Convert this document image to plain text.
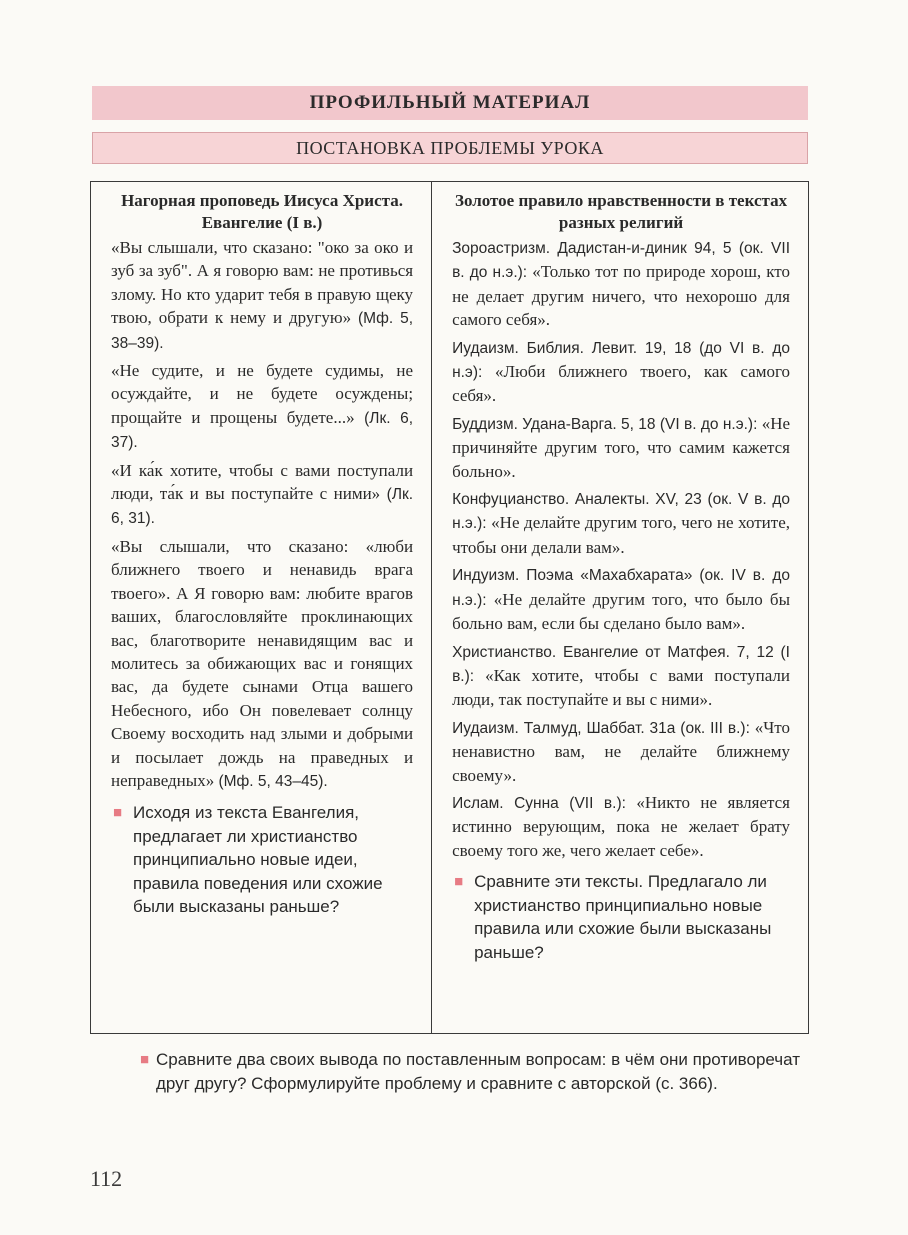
ПРОФИЛЬНЫЙ МАТЕРИАЛ
ПОСТАНОВКА ПРОБЛЕМЫ УРОКА
Нагорная проповедь Иисуса Христа. Евангелие (I в.)

«Вы слышали, что сказано: "око за око и зуб за зуб". А я говорю вам: не противься злому. Но кто ударит тебя в правую щеку твою, обрати к нему и другую» (Мф. 5, 38–39).

«Не судите, и не будете судимы, не осуждайте, и не будете осуждены; прощайте и прощены будете...» (Лк. 6, 37).

«И ка́к хотите, чтобы с вами поступали люди, та́к и вы поступайте с ними» (Лк. 6, 31).

«Вы слышали, что сказано: «люби ближнего твоего и ненавидь врага твоего». А Я говорю вам: любите врагов ваших, благословляйте проклинающих вас, благотворите ненавидящим вас и молитесь за обижающих вас и гонящих вас, да будете сынами Отца вашего Небесного, ибо Он повелевает солнцу Своему восходить над злыми и добрыми и посылает дождь на праведных и неправедных» (Мф. 5, 43–45).

■ Исходя из текста Евангелия, предлагает ли христианство принципиально новые идеи, правила поведения или схожие были высказаны раньше?
Золотое правило нравственности в текстах разных религий

Зороастризм. Дадистан-и-диник 94, 5 (ок. VII в. до н.э.): «Только тот по природе хорош, кто не делает другим ничего, что нехорошо для самого себя».

Иудаизм. Библия. Левит. 19, 18 (до VI в. до н.э): «Люби ближнего твоего, как самого себя».

Буддизм. Удана-Варга. 5, 18 (VI в. до н.э.): «Не причиняйте другим того, что самим кажется больно».

Конфуцианство. Аналекты. XV, 23 (ок. V в. до н.э.): «Не делайте другим того, чего не хотите, чтобы они делали вам».

Индуизм. Поэма «Махабхарата» (ок. IV в. до н.э.): «Не делайте другим того, что было бы больно вам, если бы сделано было вам».

Христианство. Евангелие от Матфея. 7, 12 (I в.): «Как хотите, чтобы с вами поступали люди, так поступайте и вы с ними».

Иудаизм. Талмуд, Шаббат. 31а (ок. III в.): «Что ненавистно вам, не делайте ближнему своему».

Ислам. Сунна (VII в.): «Никто не является истинно верующим, пока не желает брату своему того же, чего желает себе».

■ Сравните эти тексты. Предлагало ли христианство принципиально новые правила или схожие были высказаны раньше?
■ Сравните два своих вывода по поставленным вопросам: в чём они противоречат друг другу? Сформулируйте проблему и сравните с авторской (с. 366).
112
